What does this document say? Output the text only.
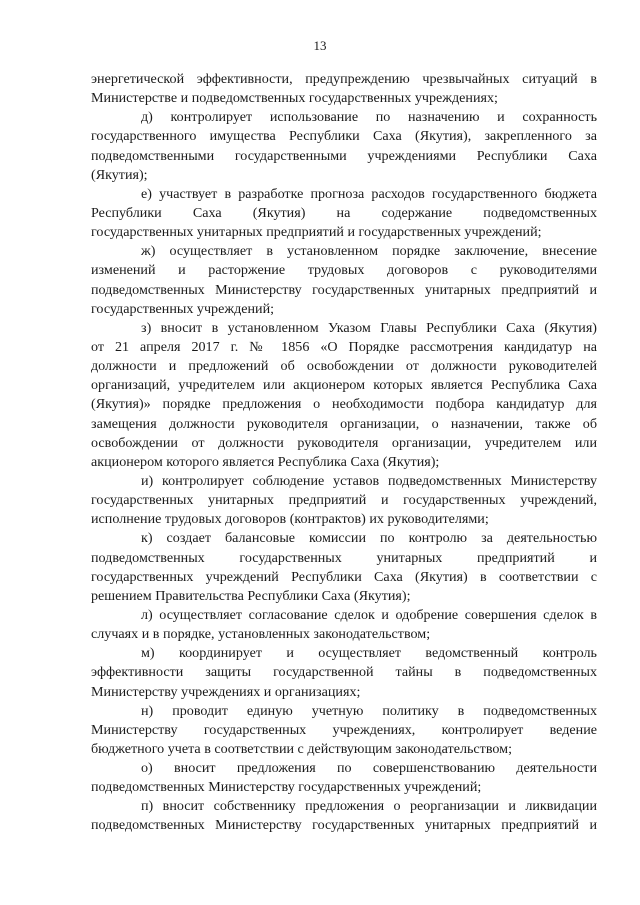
13
энергетической эффективности, предупреждению чрезвычайных ситуаций в
Министерстве и подведомственных государственных учреждениях;
д) контролирует использование по назначению и сохранность
государственного имущества Республики Саха (Якутия), закрепленного за
подведомственными государственными учреждениями Республики Саха
(Якутия);
е) участвует в разработке прогноза расходов государственного бюджета
Республики Саха (Якутия) на содержание подведомственных
государственных унитарных предприятий и государственных учреждений;
ж) осуществляет в установленном порядке заключение, внесение
изменений и расторжение трудовых договоров с руководителями
подведомственных Министерству государственных унитарных предприятий и
государственных учреждений;
з) вносит в установленном Указом Главы Республики Саха (Якутия)
от 21 апреля 2017 г. № 1856 «О Порядке рассмотрения кандидатур на
должности и предложений об освобождении от должности руководителей
организаций, учредителем или акционером которых является Республика Саха
(Якутия)» порядке предложения о необходимости подбора кандидатур для
замещения должности руководителя организации, о назначении, также об
освобождении от должности руководителя организации, учредителем или
акционером которого является Республика Саха (Якутия);
и) контролирует соблюдение уставов подведомственных Министерству
государственных унитарных предприятий и государственных учреждений,
исполнение трудовых договоров (контрактов) их руководителями;
к) создает балансовые комиссии по контролю за деятельностью
подведомственных государственных унитарных предприятий и
государственных учреждений Республики Саха (Якутия) в соответствии с
решением Правительства Республики Саха (Якутия);
л) осуществляет согласование сделок и одобрение совершения сделок в
случаях и в порядке, установленных законодательством;
м) координирует и осуществляет ведомственный контроль
эффективности защиты государственной тайны в подведомственных
Министерству учреждениях и организациях;
н) проводит единую учетную политику в подведомственных
Министерству государственных учреждениях, контролирует ведение
бюджетного учета в соответствии с действующим законодательством;
о) вносит предложения по совершенствованию деятельности
подведомственных Министерству государственных учреждений;
п) вносит собственнику предложения о реорганизации и ликвидации
подведомственных Министерству государственных унитарных предприятий и
